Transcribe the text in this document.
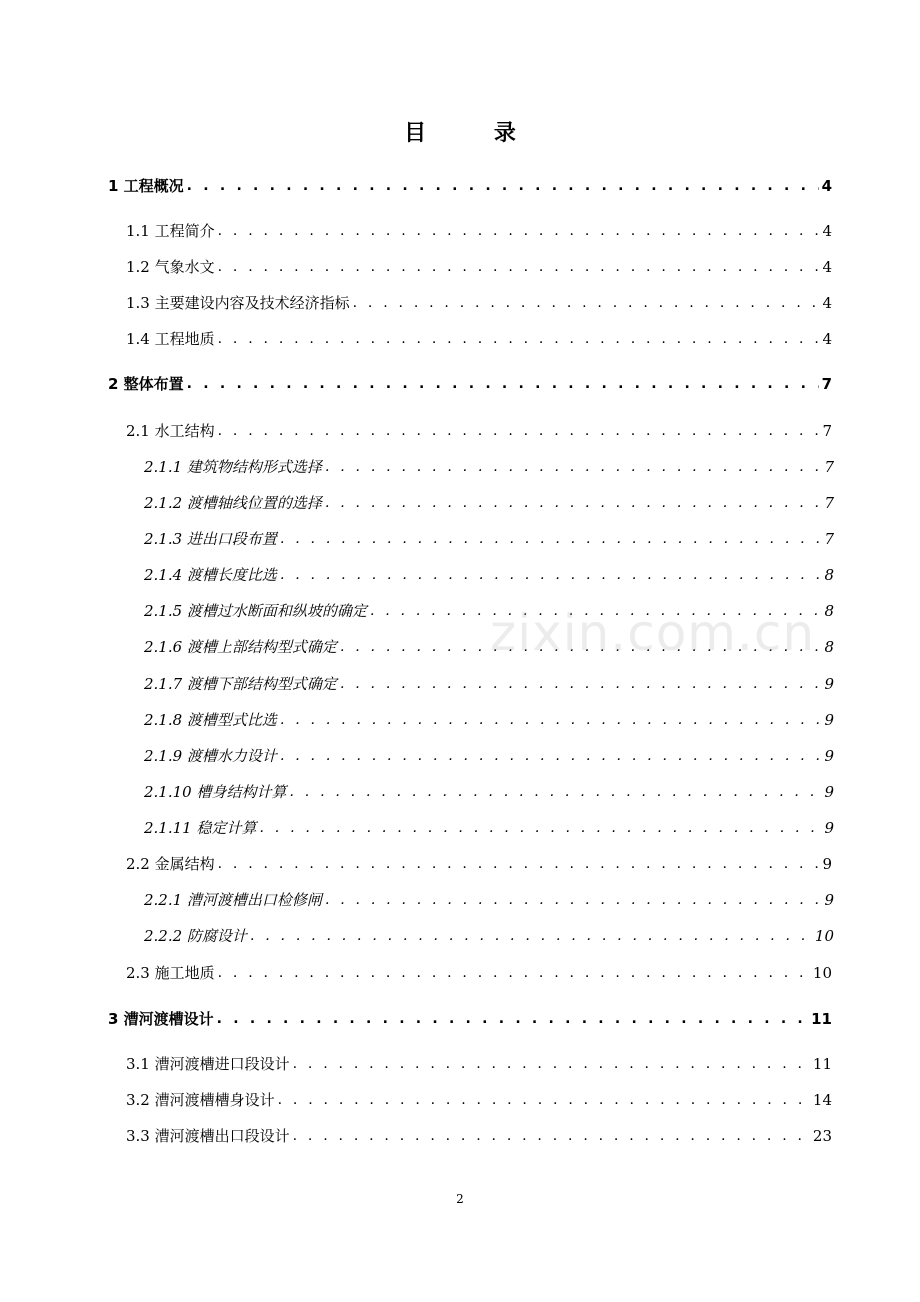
目 录
1 工程概况 . . .	4
1.1 工程简介 . . .	4
1.2 气象水文 . . .	4
1.3 主要建设内容及技术经济指标 . . .	4
1.4 工程地质 . . .	4
2 整体布置 . . .	7
2.1 水工结构 . . .	7
2.1.1 建筑物结构形式选择 . . .	7
2.1.2 渡槽轴线位置的选择 . . .	7
2.1.3 进出口段布置 . . .	7
2.1.4 渡槽长度比选 . . .	8
2.1.5 渡槽过水断面和纵坡的确定 . . .	8
2.1.6 渡槽上部结构型式确定 . . .	8
2.1.7 渡槽下部结构型式确定 . . .	9
2.1.8 渡槽型式比选 . . .	9
2.1.9 渡槽水力设计 . . .	9
2.1.10 槽身结构计算 . . .	9
2.1.11 稳定计算 . . .	9
2.2 金属结构 . . .	9
2.2.1 漕河渡槽出口检修闸 . . .	9
2.2.2 防腐设计 . . .	10
2.3 施工地质 . . .	10
3 漕河渡槽设计 . . .	11
3.1 漕河渡槽进口段设计 . . .	11
3.2 漕河渡槽槽身设计 . . .	14
3.3 漕河渡槽出口段设计 . . .	23
zixin.com.cn
2
